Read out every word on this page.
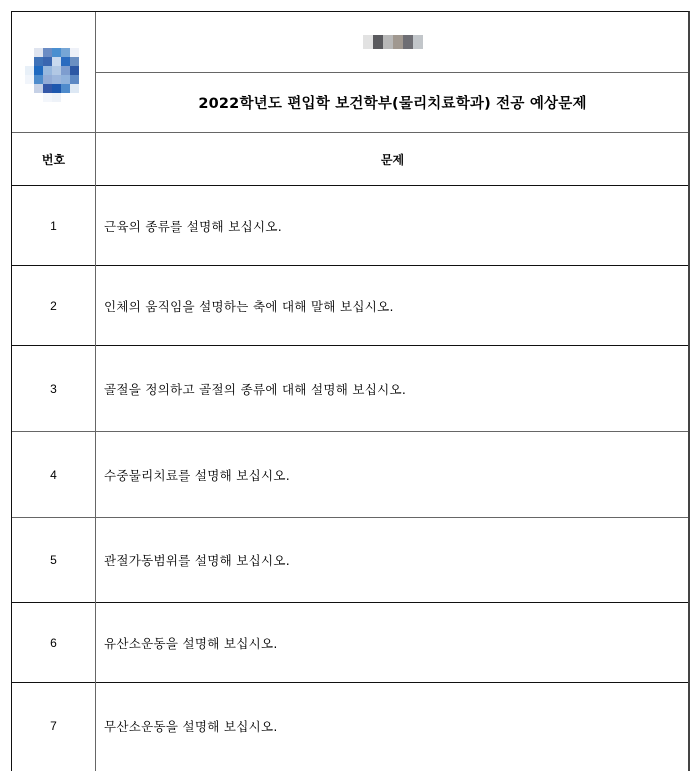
2022학년도 편입학 보건학부(물리치료학과) 전공 예상문제
번호	문제
1	근육의 종류를 설명해 보십시오.
2	인체의 움직임을 설명하는 축에 대해 말해 보십시오.
3	골절을 정의하고 골절의 종류에 대해 설명해 보십시오.
4	수중물리치료를 설명해 보십시오.
5	관절가동범위를 설명해 보십시오.
6	유산소운동을 설명해 보십시오.
7	무산소운동을 설명해 보십시오.
